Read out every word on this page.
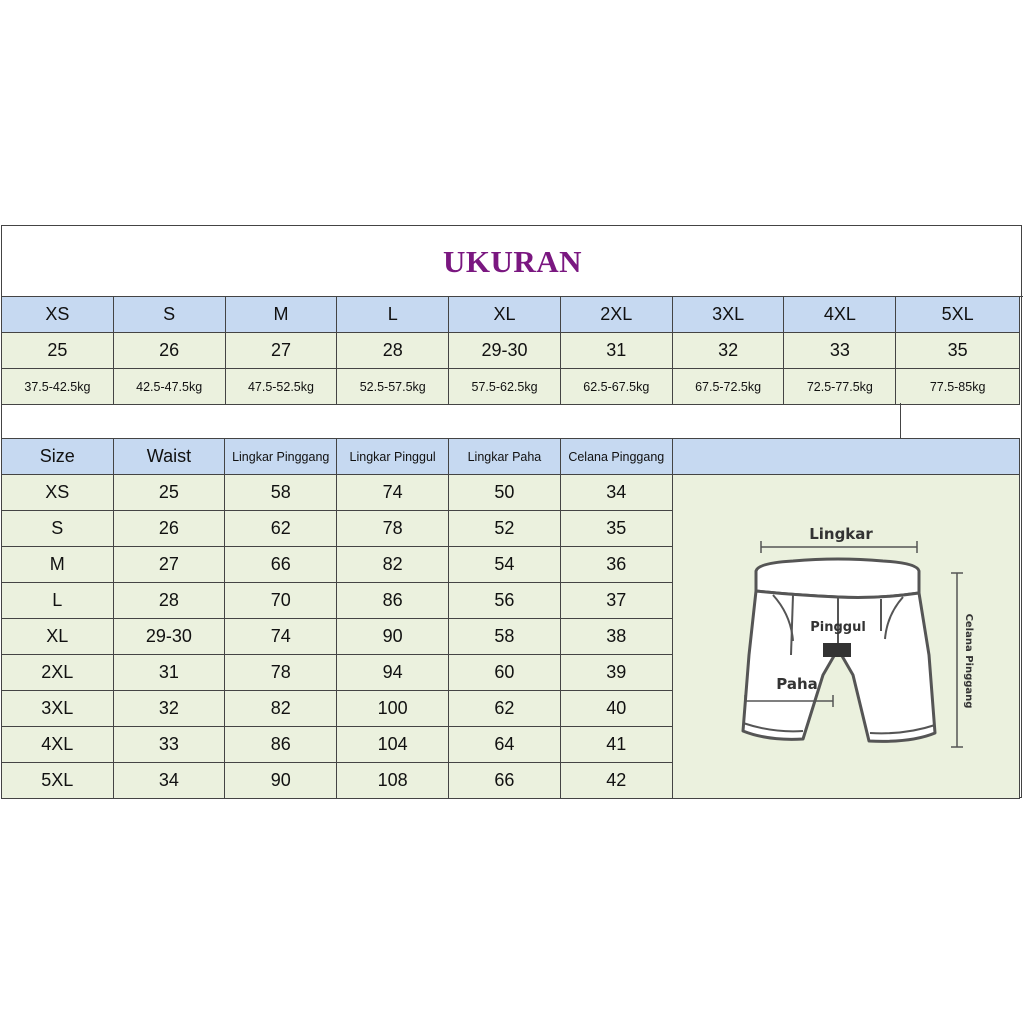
UKURAN
XS	S	M	L	XL	2XL	3XL	4XL	5XL
25	26	27	28	29-30	31	32	33	35
37.5-42.5kg	42.5-47.5kg	47.5-52.5kg	52.5-57.5kg	57.5-62.5kg	62.5-67.5kg	67.5-72.5kg	72.5-77.5kg	77.5-85kg
Size	Waist	Lingkar Pinggang	Lingkar Pinggul	Lingkar Paha	Celana Pinggang	
XS	25	58	74	50	34	Lingkar
Pinggul
Paha Celana Pinggang

S	26	62	78	52	35	
M	27	66	82	54	36	
L	28	70	86	56	37	
XL	29-30	74	90	58	38	
2XL	31	78	94	60	39	
3XL	32	82	100	62	40	
4XL	33	86	104	64	41	
5XL	34	90	108	66	42	
